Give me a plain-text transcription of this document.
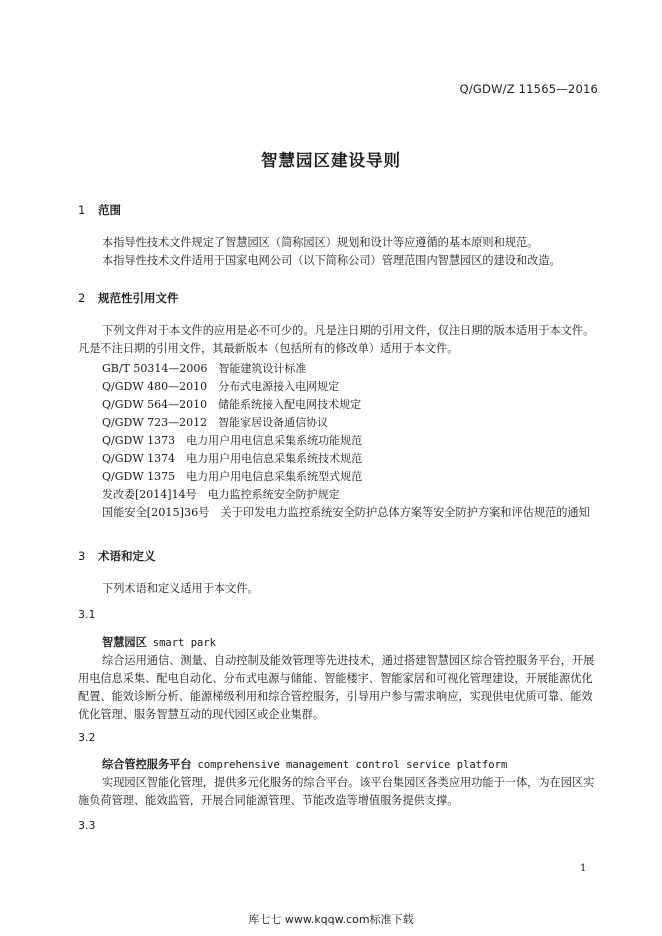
Q/GDW/Z 11565—2016
智慧园区建设导则
1 范围
本指导性技术文件规定了智慧园区（简称园区）规划和设计等应遵循的基本原则和规范。
本指导性技术文件适用于国家电网公司（以下简称公司）管理范围内智慧园区的建设和改造。
2 规范性引用文件
下列文件对于本文件的应用是必不可少的。凡是注日期的引用文件，仅注日期的版本适用于本文件。凡是不注日期的引用文件，其最新版本（包括所有的修改单）适用于本文件。
GB/T 50314—2006　智能建筑设计标准
Q/GDW 480—2010　分布式电源接入电网规定
Q/GDW 564—2010　储能系统接入配电网技术规定
Q/GDW 723—2012　智能家居设备通信协议
Q/GDW 1373　电力用户用电信息采集系统功能规范
Q/GDW 1374　电力用户用电信息采集系统技术规范
Q/GDW 1375　电力用户用电信息采集系统型式规范
发改委[2014]14号　电力监控系统安全防护规定
国能安全[2015]36号　关于印发电力监控系统安全防护总体方案等安全防护方案和评估规范的通知
3 术语和定义
下列术语和定义适用于本文件。
3.1
智慧园区 smart park
综合运用通信、测量、自动控制及能效管理等先进技术，通过搭建智慧园区综合管控服务平台，开展用电信息采集、配电自动化、分布式电源与储能、智能楼宇、智能家居和可视化管理建设，开展能源优化配置、能效诊断分析、能源梯级利用和综合管控服务，引导用户参与需求响应，实现供电优质可靠、能效优化管理、服务智慧互动的现代园区或企业集群。
3.2
综合管控服务平台 comprehensive management control service platform
实现园区智能化管理，提供多元化服务的综合平台。该平台集园区各类应用功能于一体，为在园区实施负荷管理、能效监管，开展合同能源管理、节能改造等增值服务提供支撑。
3.3
1
库七七 www.kqqw.com标准下载
